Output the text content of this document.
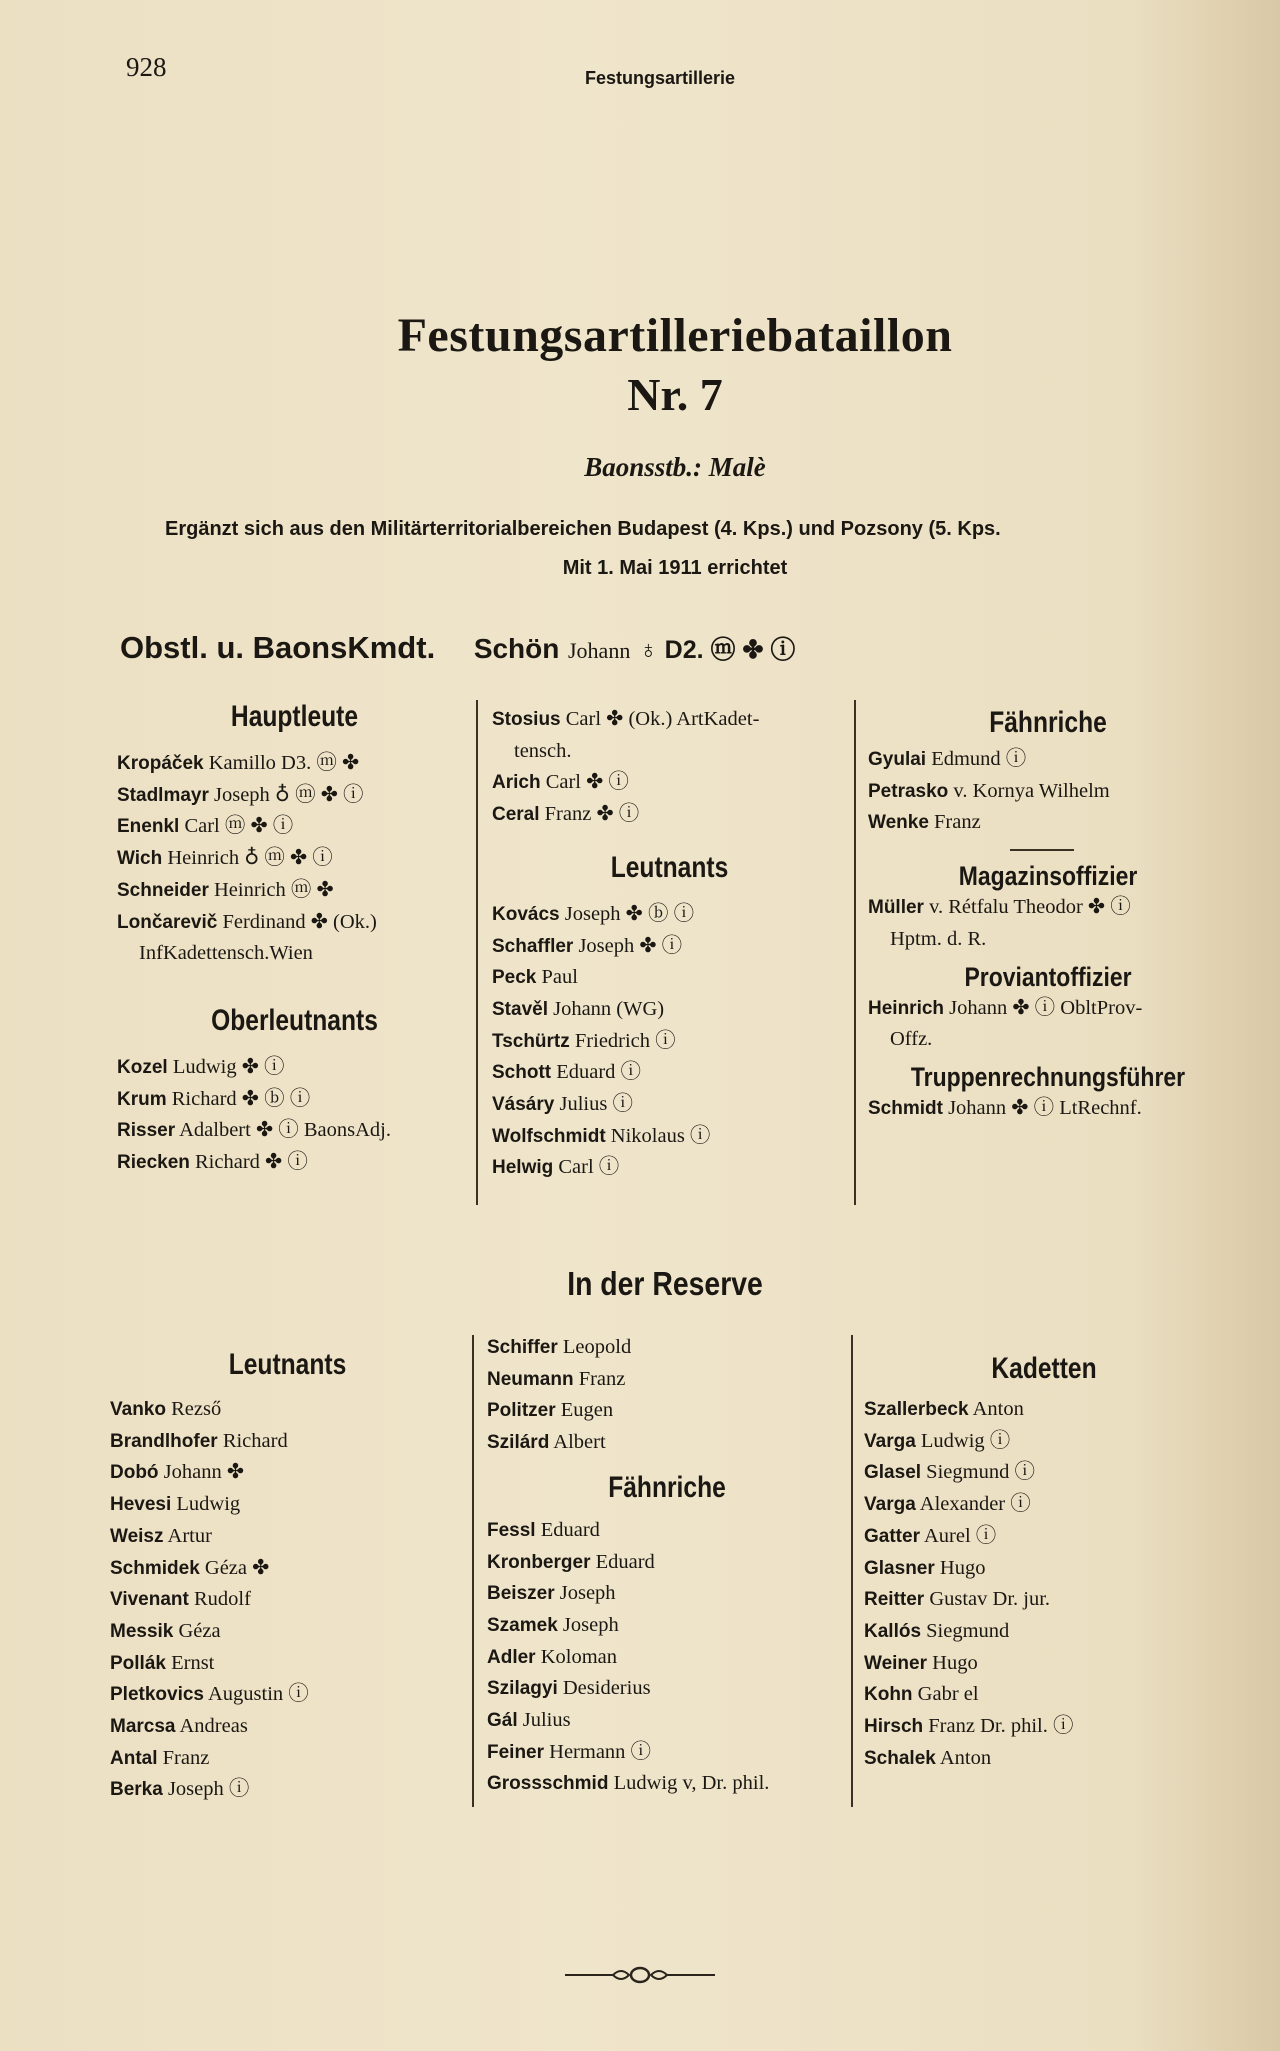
928	Festungsartillerie
Festungsartilleriebataillon
Nr. 7
Baonsstb.: Malè
Ergänzt sich aus den Militärterritorialbereichen Budapest (4. Kps.) und Pozsony (5. Kps.
Mit 1. Mai 1911 errichtet
Obstl. u. BaonsKmdt. Schön Johann ♁ D2. ⓜ ✤ ⓘ
Hauptleute
Kropáček Kamillo D3. ⓜ ✤
Stadlmayr Joseph ♁ ⓜ ✤ ⓘ
Enenkl Carl ⓜ ✤ ⓘ
Wich Heinrich ♁ ⓜ ✤ ⓘ
Schneider Heinrich ⓜ ✤
Lončarevič Ferdinand ✤ (Ok.)
InfKadettensch.Wien
Oberleutnants
Kozel Ludwig ✤ ⓘ
Krum Richard ✤ ⓑ ⓘ
Risser Adalbert ✤ ⓘ BaonsAdj.
Riecken Richard ✤ ⓘ
Stosius Carl ✤ (Ok.) ArtKadet-
tensch.
Arich Carl ✤ ⓘ
Ceral Franz ✤ ⓘ
Leutnants
Kovács Joseph ✤ ⓑ ⓘ
Schaffler Joseph ✤ ⓘ
Peck Paul
Stavěl Johann (WG)
Tschürtz Friedrich ⓘ
Schott Eduard ⓘ
Vásáry Julius ⓘ
Wolfschmidt Nikolaus ⓘ
Helwig Carl ⓘ
Fähnriche
Gyulai Edmund ⓘ
Petrasko v. Kornya Wilhelm
Wenke Franz
Magazinsoffizier
Müller v. Rétfalu Theodor ✤ ⓘ
Hptm. d. R.
Proviantoffizier
Heinrich Johann ✤ ⓘ ObltProv-
Offz.
Truppenrechnungsführer
Schmidt Johann ✤ ⓘ LtRechnf.
In der Reserve
Leutnants
Vanko Rezső
Brandlhofer Richard
Dobó Johann ✤
Hevesi Ludwig
Weisz Artur
Schmidek Géza ✤
Vivenant Rudolf
Messik Géza
Pollák Ernst
Pletkovics Augustin ⓘ
Marcsa Andreas
Antal Franz
Berka Joseph ⓘ
Schiffer Leopold
Neumann Franz
Politzer Eugen
Szilárd Albert
Fähnriche
Fessl Eduard
Kronberger Eduard
Beiszer Joseph
Szamek Joseph
Adler Koloman
Szilagyi Desiderius
Gál Julius
Feiner Hermann ⓘ
Grossschmid Ludwig v, Dr. phil.
Kadetten
Szallerbeck Anton
Varga Ludwig ⓘ
Glasel Siegmund ⓘ
Varga Alexander ⓘ
Gatter Aurel ⓘ
Glasner Hugo
Reitter Gustav Dr. jur.
Kallós Siegmund
Weiner Hugo
Kohn Gabr el
Hirsch Franz Dr. phil. ⓘ
Schalek Anton
